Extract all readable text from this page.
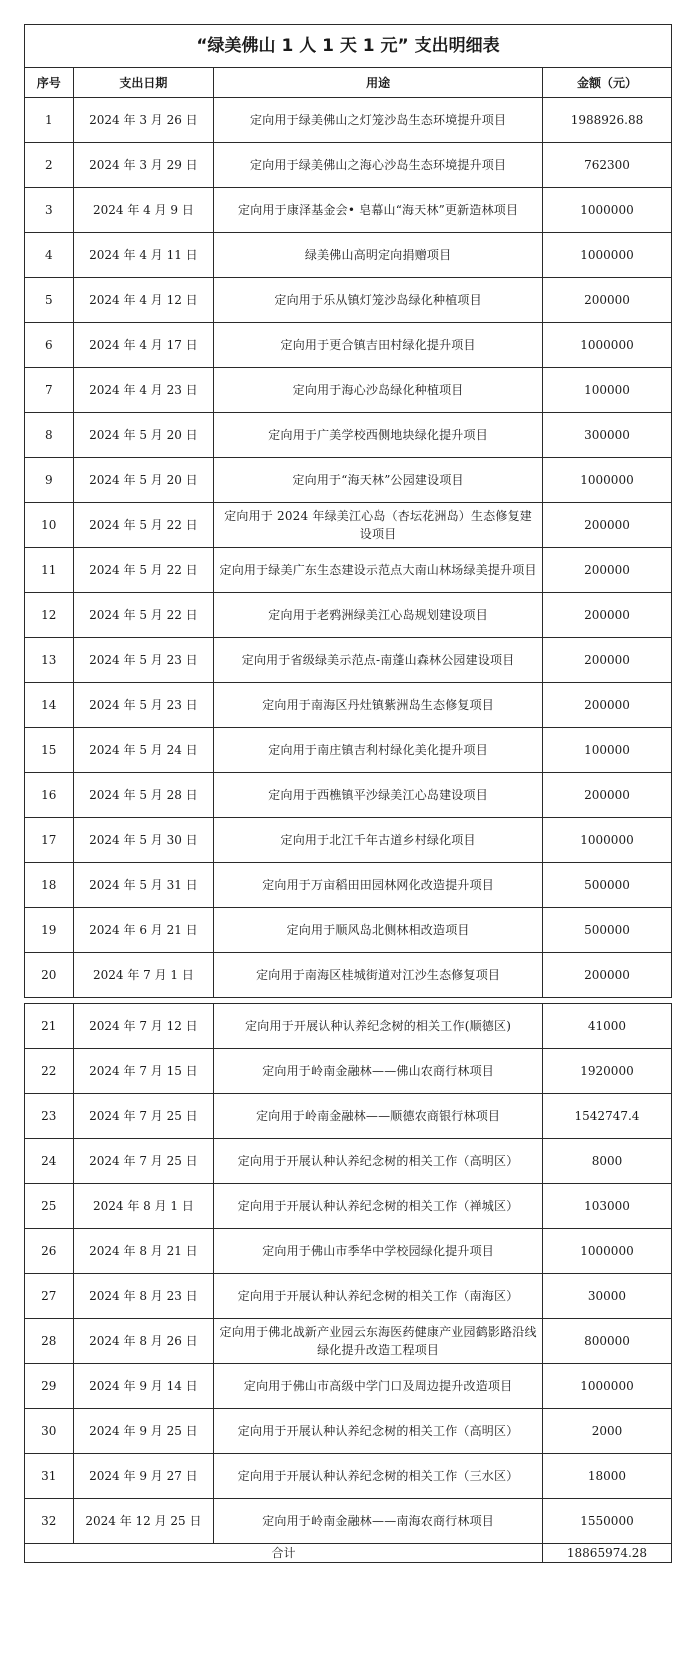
“绿美佛山 1 人 1 天 1 元” 支出明细表			
序号	支出日期	用途	金额（元）
1	2024 年 3 月 26 日	定向用于绿美佛山之灯笼沙岛生态环境提升项目	1988926.88
2	2024 年 3 月 29 日	定向用于绿美佛山之海心沙岛生态环境提升项目	762300
3	2024 年 4 月 9 日	定向用于康泽基金会• 皂幕山“海天林”更新造林项目	1000000
4	2024 年 4 月 11 日	绿美佛山高明定向捐赠项目	1000000
5	2024 年 4 月 12 日	定向用于乐从镇灯笼沙岛绿化种植项目	200000
6	2024 年 4 月 17 日	定向用于更合镇吉田村绿化提升项目	1000000
7	2024 年 4 月 23 日	定向用于海心沙岛绿化种植项目	100000
8	2024 年 5 月 20 日	定向用于广美学校西侧地块绿化提升项目	300000
9	2024 年 5 月 20 日	定向用于“海天林”公园建设项目	1000000
10	2024 年 5 月 22 日	定向用于 2024 年绿美江心岛（杏坛花洲岛）生态修复建设项目	200000
11	2024 年 5 月 22 日	定向用于绿美广东生态建设示范点大南山林场绿美提升项目	200000
12	2024 年 5 月 22 日	定向用于老鸦洲绿美江心岛规划建设项目	200000
13	2024 年 5 月 23 日	定向用于省级绿美示范点-南蓬山森林公园建设项目	200000
14	2024 年 5 月 23 日	定向用于南海区丹灶镇紫洲岛生态修复项目	200000
15	2024 年 5 月 24 日	定向用于南庄镇吉利村绿化美化提升项目	100000
16	2024 年 5 月 28 日	定向用于西樵镇平沙绿美江心岛建设项目	200000
17	2024 年 5 月 30 日	定向用于北江千年古道乡村绿化项目	1000000
18	2024 年 5 月 31 日	定向用于万亩稻田田园林网化改造提升项目	500000
19	2024 年 6 月 21 日	定向用于顺风岛北侧林相改造项目	500000
20	2024 年 7 月 1 日	定向用于南海区桂城街道对江沙生态修复项目	200000

21	2024 年 7 月 12 日	定向用于开展认种认养纪念树的相关工作(顺德区)	41000
22	2024 年 7 月 15 日	定向用于岭南金融林——佛山农商行林项目	1920000
23	2024 年 7 月 25 日	定向用于岭南金融林——顺德农商银行林项目	1542747.4
24	2024 年 7 月 25 日	定向用于开展认种认养纪念树的相关工作（高明区）	8000
25	2024 年 8 月 1 日	定向用于开展认种认养纪念树的相关工作（禅城区）	103000
26	2024 年 8 月 21 日	定向用于佛山市季华中学校园绿化提升项目	1000000
27	2024 年 8 月 23 日	定向用于开展认种认养纪念树的相关工作（南海区）	30000
28	2024 年 8 月 26 日	定向用于佛北战新产业园云东海医药健康产业园鹤影路沿线绿化提升改造工程项目	800000
29	2024 年 9 月 14 日	定向用于佛山市高级中学门口及周边提升改造项目	1000000
30	2024 年 9 月 25 日	定向用于开展认种认养纪念树的相关工作（高明区）	2000
31	2024 年 9 月 27 日	定向用于开展认种认养纪念树的相关工作（三水区）	18000
32	2024 年 12 月 25 日	定向用于岭南金融林——南海农商行林项目	1550000
合计			18865974.28
